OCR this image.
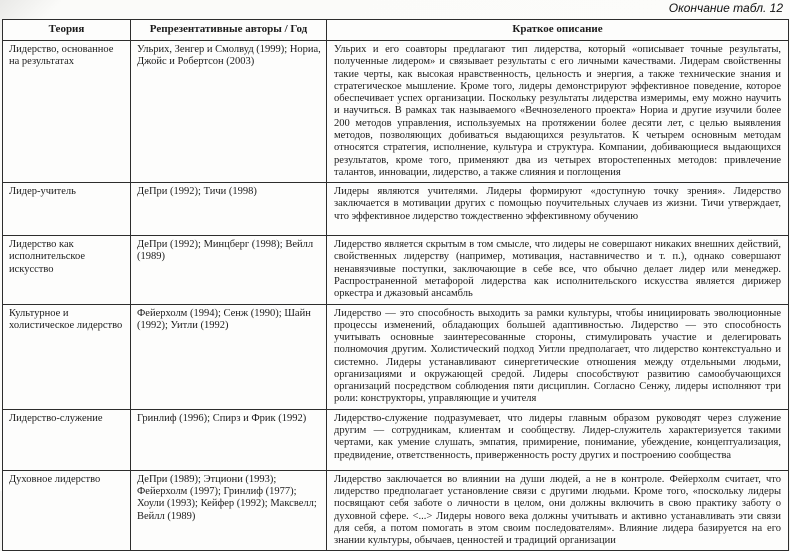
Окончание табл. 12
Теория	Репрезентативные авторы / Год	Краткое описание
Лидерство, основанное на результатах	Ульрих, Зенгер и Смолвуд (1999); Нориа, Джойс и Робертсон (2003)	Ульрих и его соавторы предлагают тип лидерства, который «описывает точные результаты, полученные лидером» и связывает результаты с его личными качествами. Лидерам свойственны такие черты, как высокая нравственность, цельность и энергия, а также технические знания и стратегическое мышление. Кроме того, лидеры демонстрируют эффективное поведение, которое обеспечивает успех организации. Поскольку результаты лидерства измеримы, ему можно научить и научиться. В рамках так называемого «Вечнозеленого проекта» Нориа и другие изучили более 200 методов управления, используемых на протяжении более десяти лет, с целью выявления методов, позволяющих добиваться выдающихся результатов. К четырем основным методам относятся стратегия, исполнение, культура и структура. Компании, добивающиеся выдающихся результатов, кроме того, применяют два из четырех второстепенных методов: привлечение талантов, инновации, лидерство, а также слияния и поглощения
Лидер-учитель	ДеПри (1992); Тичи (1998)	Лидеры являются учителями. Лидеры формируют «доступную точку зрения». Лидерство заключается в мотивации других с помощью поучительных случаев из жизни. Тичи утверждает, что эффективное лидерство тождественно эффективному обучению
Лидерство как исполнительское искусство	ДеПри (1992); Минцберг (1998); Вейлл (1989)	Лидерство является скрытым в том смысле, что лидеры не совершают никаких внешних действий, свойственных лидерству (например, мотивация, наставничество и т. п.), однако совершают ненавязчивые поступки, заключающие в себе все, что обычно делает лидер или менеджер. Распространенной метафорой лидерства как исполнительского искусства является дирижер оркестра и джазовый ансамбль
Культурное и холистическое лидерство	Фейерхолм (1994); Сенж (1990); Шайн (1992); Уитли (1992)	Лидерство — это способность выходить за рамки культуры, чтобы инициировать эволюционные процессы изменений, обладающих большей адаптивностью. Лидерство — это способность учитывать основные заинтересованные стороны, стимулировать участие и делегировать полномочия другим. Холистический подход Уитли предполагает, что лидерство контекстуально и системно. Лидеры устанавливают синергетические отношения между отдельными людьми, организациями и окружающей средой. Лидеры способствуют развитию самообучающихся организаций посредством соблюдения пяти дисциплин. Согласно Сенжу, лидеры исполняют три роли: конструкторы, управляющие и учителя
Лидерство-служение	Гринлиф (1996); Спирз и Фрик (1992)	Лидерство-служение подразумевает, что лидеры главным образом руководят через служение другим — сотрудникам, клиентам и сообществу. Лидер-служитель характеризуется такими чертами, как умение слушать, эмпатия, примирение, понимание, убеждение, концептуализация, предвидение, ответственность, приверженность росту других и построению сообщества
Духовное лидерство	ДеПри (1989); Этциони (1993); Фейерхолм (1997); Гринлиф (1977); Хоули (1993); Кейфер (1992); Максвелл; Вейлл (1989)	Лидерство заключается во влиянии на души людей, а не в контроле. Фейерхолм считает, что лидерство предполагает установление связи с другими людьми. Кроме того, «поскольку лидеры посвящают себя заботе о личности в целом, они должны включить в свою практику заботу о духовной сфере. <...> Лидеры нового века должны учитывать и активно устанавливать эти связи для себя, а потом помогать в этом своим последователям». Влияние лидера базируется на его знании культуры, обычаев, ценностей и традиций организации
